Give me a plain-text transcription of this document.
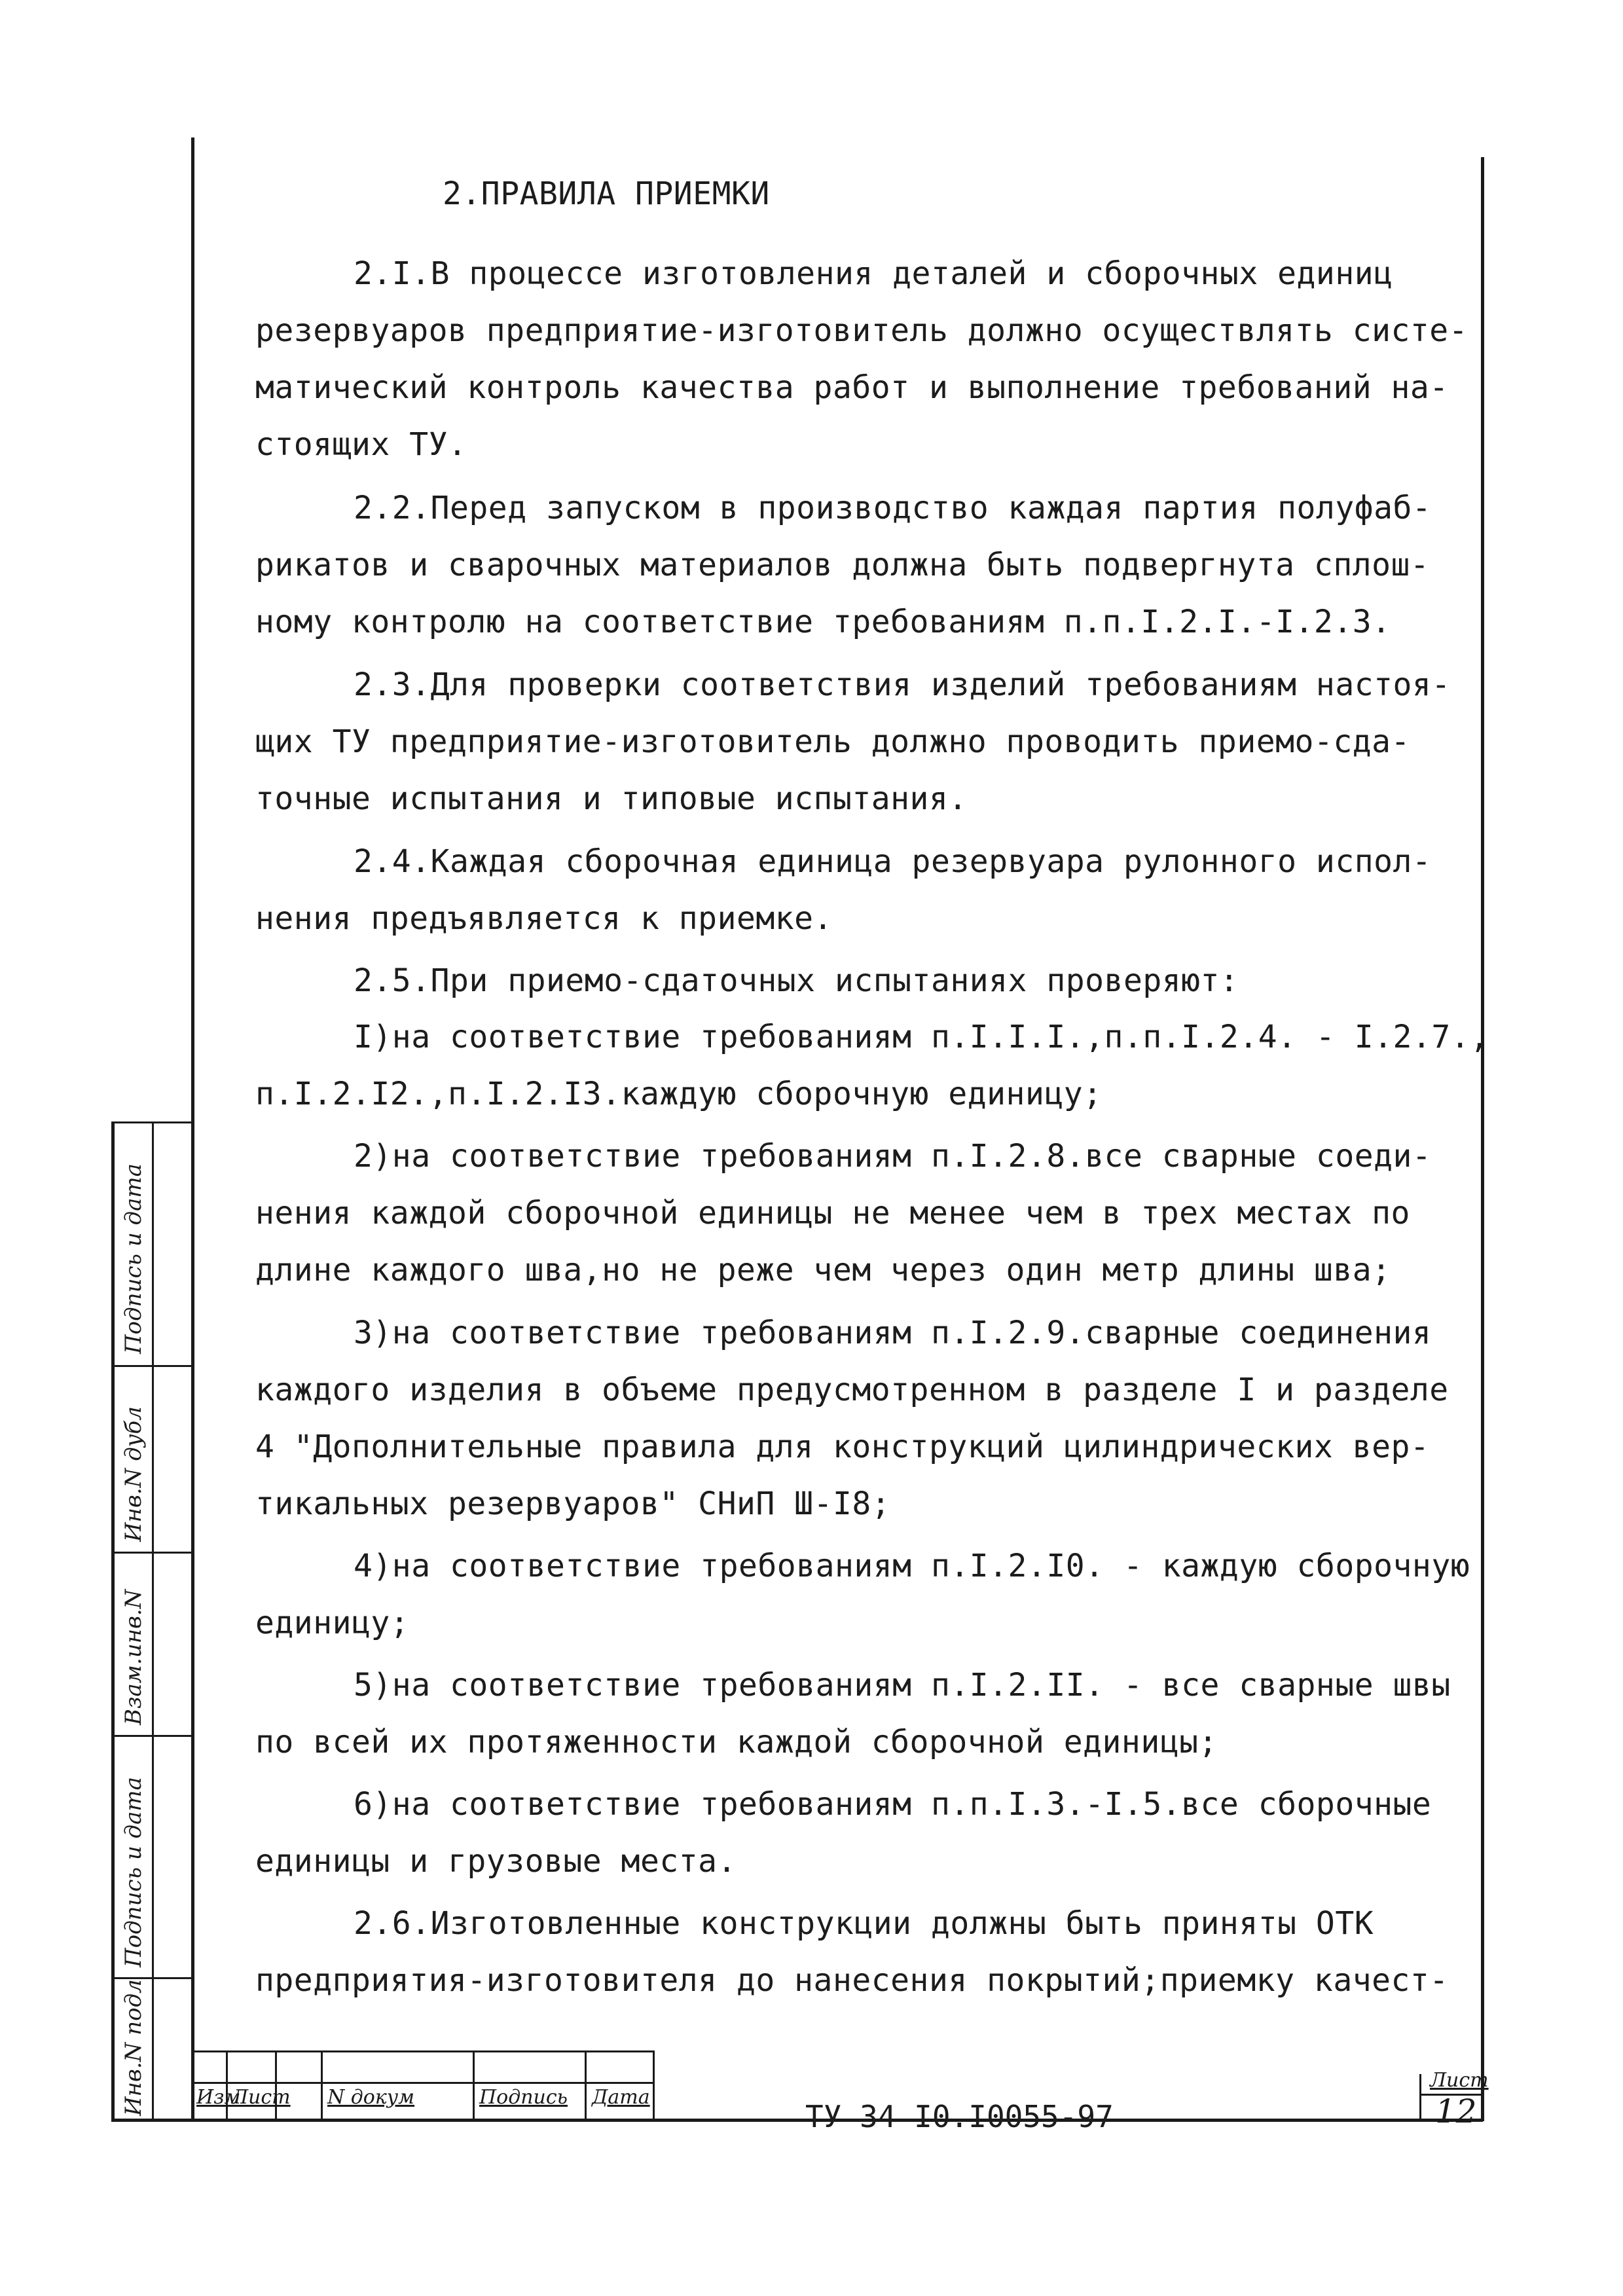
2.ПРАВИЛА ПРИЕМКИ
2.I.В процессе изготовления деталей и сборочных единиц
резервуаров предприятие-изготовитель должно осуществлять систе-
матический контроль качества работ и выполнение требований на-
стоящих ТУ.
2.2.Перед запуском в производство каждая партия полуфаб-
рикатов и сварочных материалов должна быть подвергнута сплош-
ному контролю на соответствие требованиям п.п.I.2.I.-I.2.3.
2.3.Для проверки соответствия изделий требованиям настоя-
щих ТУ предприятие-изготовитель должно проводить приемо-сда-
точные испытания и типовые испытания.
2.4.Каждая сборочная единица резервуара рулонного испол-
нения предъявляется к приемке.
2.5.При приемо-сдаточных испытаниях проверяют:
I)на соответствие требованиям п.I.I.I.,п.п.I.2.4. - I.2.7.,
п.I.2.I2.,п.I.2.I3.каждую сборочную единицу;
2)на соответствие требованиям п.I.2.8.все сварные соеди-
нения каждой сборочной единицы не менее чем в трех местах по
длине каждого шва,но не реже чем через один метр длины шва;
3)на соответствие требованиям п.I.2.9.сварные соединения
каждого изделия в объеме предусмотренном в разделе I и разделе
4 "Дополнительные правила для конструкций цилиндрических вер-
тикальных резервуаров" СНиП Ш-I8;
4)на соответствие требованиям п.I.2.I0. - каждую сборочную
единицу;
5)на соответствие требованиям п.I.2.II. - все сварные швы
по всей их протяженности каждой сборочной единицы;
6)на соответствие требованиям п.п.I.3.-I.5.все сборочные
единицы и грузовые места.
2.6.Изготовленные конструкции должны быть приняты ОТК
предприятия-изготовителя до нанесения покрытий;приемку качест-
Подпись и дата
Инв.N дубл
Взам.инв.N
Подпись и дата
Инв.N подл	Изм
Лист N докум	Подпись Дата
ТУ 34 I0.I0055-97
Лист
12
